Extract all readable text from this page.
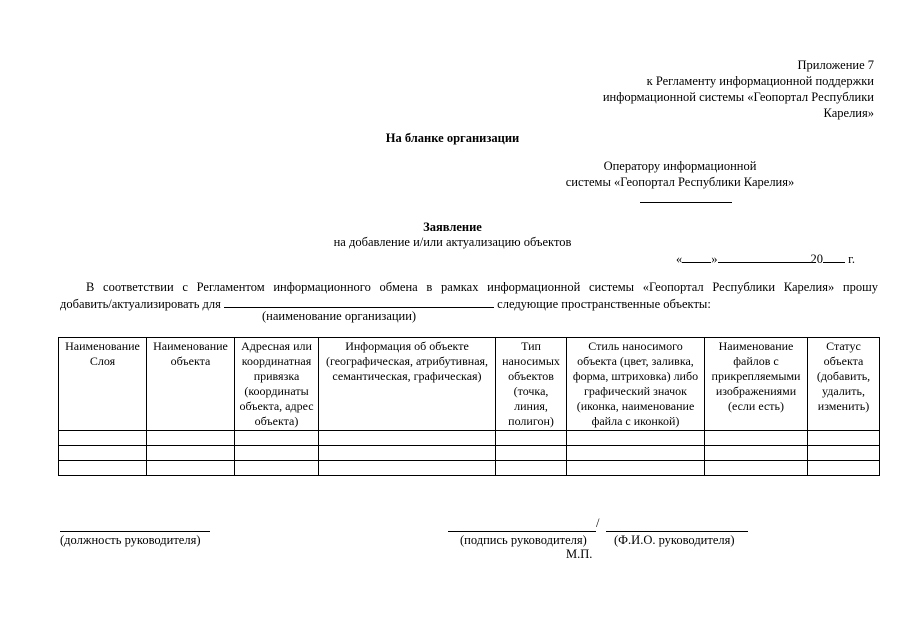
Приложение 7
к Регламенту информационной поддержки
информационной системы «Геопортал Республики
Карелия»
На бланке организации
Оператору информационной
системы «Геопортал Республики Карелия»
Заявление
на добавление и/или актуализацию объектов
« »	20 г.
В соответствии с Регламентом информационного обмена в рамках информационной системы «Геопортал Республики Карелия» прошу
добавить/актуализировать для	следующие пространственные объекты:
(наименование организации)
Наименование Слоя	Наименование объекта	Адресная или координатная привязка (координаты объекта, адрес объекта)	Информация об объекте (географическая, атрибутивная, семантическая, графическая)	Тип наносимых объектов (точка, линия, полигон)	Стиль наносимого объекта (цвет, заливка, форма, штриховка) либо графический значок (иконка, наименование файла с иконкой)	Наименование файлов с прикрепляемыми изображениями (если есть)	Статус объекта (добавить, удалить, изменить)

(должность руководителя)
/
(подпись руководителя) (Ф.И.О. руководителя)
М.П.
